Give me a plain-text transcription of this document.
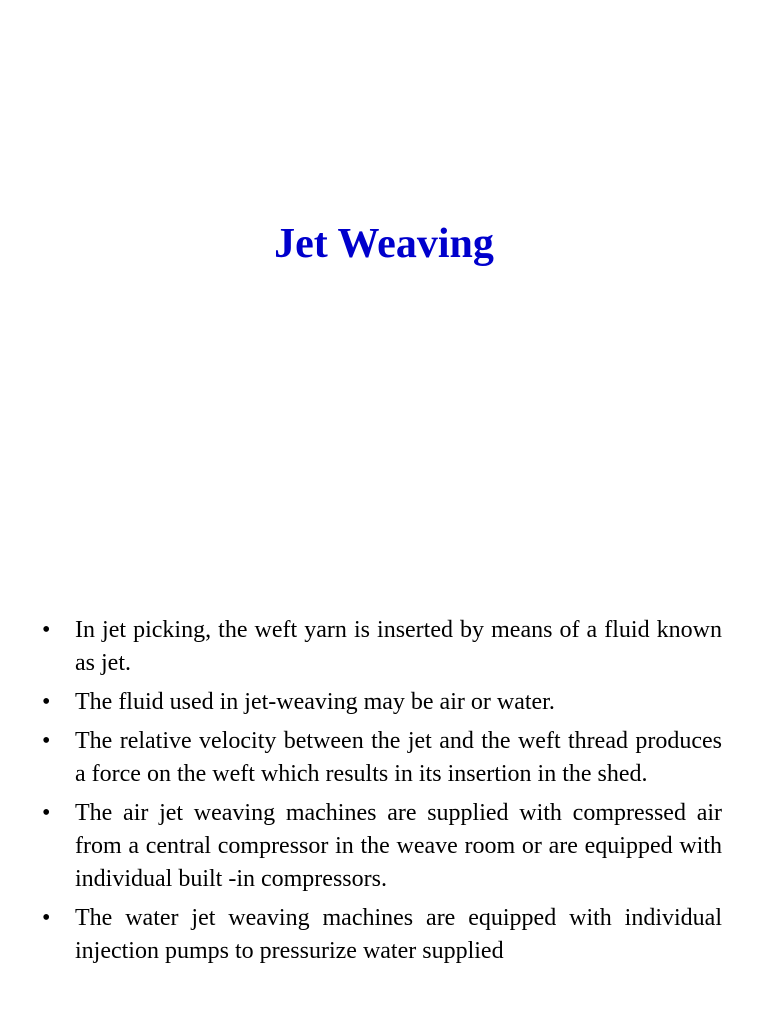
Jet Weaving
• In jet picking, the weft yarn is inserted by means of a fluid known as jet.
• The fluid used in jet-weaving may be air or water.
• The relative velocity between the jet and the weft thread produces a force on the weft which results in its insertion in the shed.
• The air jet weaving machines are supplied with compressed air from a central compressor in the weave room or are equipped with individual built -in compressors.
• The water jet weaving machines are equipped with individual injection pumps to pressurize water supplied
